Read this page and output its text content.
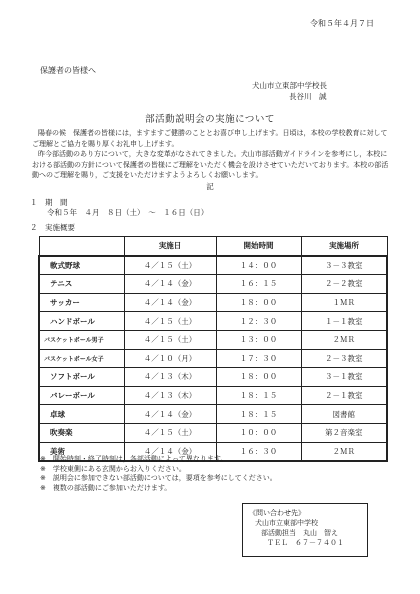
令和５年４月７日
保護者の皆様へ
犬山市立東部中学校長
長谷川　誠
部活動説明会の実施について

陽春の候　保護者の皆様には，ますますご健勝のこととお喜び申し上げます。日頃は，本校の学校教育に対してご理解とご協力を賜り厚くお礼申し上げます。

昨今部活動のあり方について，大きな変革がなされてきました。犬山市部活動ガイドラインを参考にし，本校における部活動の方針について保護者の皆様にご理解をいただく機会を設けさせていただいております。本校の部活動へのご理解を賜り，ご支援をいただけますようよろしくお願いします。

記
１　期　間
令和５年　４月　８日（土）　～　１６日（日）
２　実施概要
	実施日	開始時間	実施場所
軟式野球	４／１５（土）	１４：００	３－３教室
テニス	４／１４（金）	１６：１５	２－２教室
サッカー	４／１４（金）	１８：００	１ＭＲ
ハンドボール	４／１５（土）	１２：３０	１－１教室
バスケットボール男子	４／１５（土）	１３：００	２ＭＲ
バスケットボール女子	４／１０（月）	１７：３０	２－３教室
ソフトボール	４／１３（木）	１８：００	３－１教室
バレーボール	４／１３（木）	１８：１５	２－１教室
卓球	４／１４（金）	１８：１５	図書館
吹奏楽	４／１５（土）	１０：００	第２音楽室
美術	４／１４（金）	１６：３０	２ＭＲ
※　開始時刻・終了時刻は，各部活動によって異なります。
※　学校東側にある玄関からお入りください。
※　説明会に参加できない部活動については，要項を参考にしてください。
※　複数の部活動にご参加いただけます。
《問い合わせ先》
犬山市立東部中学校
部活動担当　丸山　智え
ＴＥＬ　６７－７４０１
